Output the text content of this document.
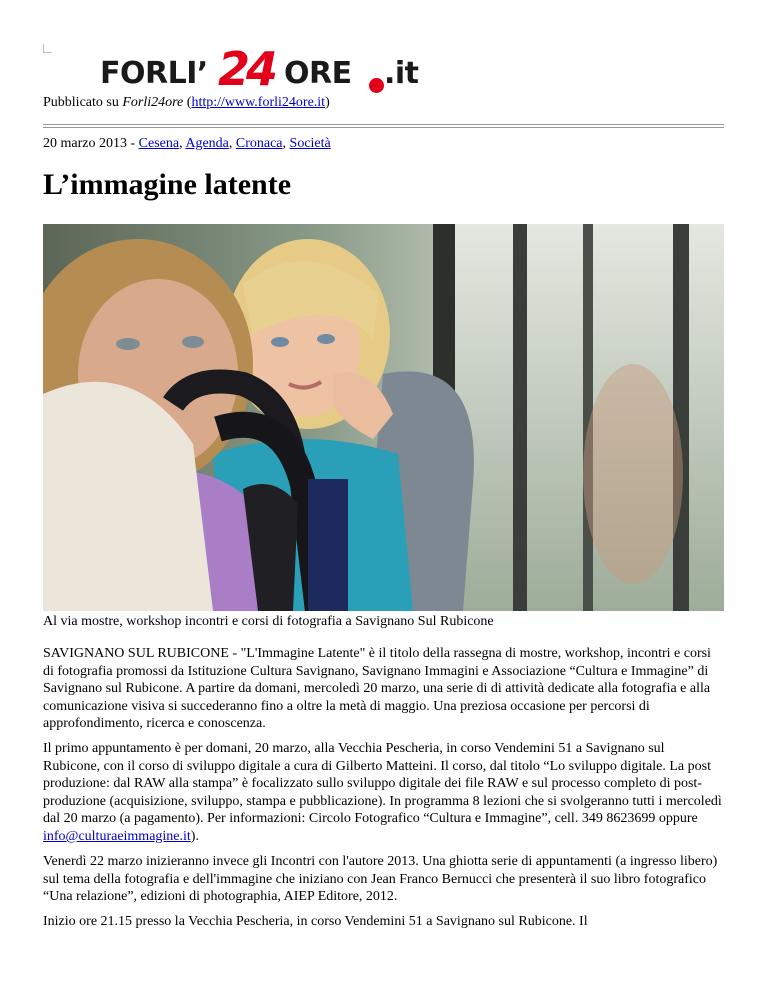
FORLI’ 24 ORE .it
Pubblicato su Forli24ore (http://www.forli24ore.it)
20 marzo 2013 - Cesena, Agenda, Cronaca, Società
L’immagine latente
Al via mostre, workshop incontri e corsi di fotografia a Savignano Sul Rubicone

SAVIGNANO SUL RUBICONE - "L'Immagine Latente" è il titolo della rassegna di mostre, workshop, incontri e corsi di fotografia promossi da Istituzione Cultura Savignano, Savignano Immagini e Associazione “Cultura e Immagine” di Savignano sul Rubicone. A partire da domani, mercoledì 20 marzo, una serie di di attività dedicate alla fotografia e alla comunicazione visiva si succederanno fino a oltre la metà di maggio. Una preziosa occasione per percorsi di approfondimento, ricerca e conoscenza.

Il primo appuntamento è per domani, 20 marzo, alla Vecchia Pescheria, in corso Vendemini 51 a Savignano sul Rubicone, con il corso di sviluppo digitale a cura di Gilberto Matteini. Il corso, dal titolo “Lo sviluppo digitale. La post produzione: dal RAW alla stampa” è focalizzato sullo sviluppo digitale dei file RAW e sul processo completo di post-produzione (acquisizione, sviluppo, stampa e pubblicazione). In programma 8 lezioni che si svolgeranno tutti i mercoledì dal 20 marzo (a pagamento). Per informazioni: Circolo Fotografico “Cultura e Immagine”, cell. 349 8623699 oppure info@culturaeimmagine.it).

Venerdì 22 marzo inizieranno invece gli Incontri con l'autore 2013. Una ghiotta serie di appuntamenti (a ingresso libero) sul tema della fotografia e dell'immagine che iniziano con Jean Franco Bernucci che presenterà il suo libro fotografico “Una relazione”, edizioni di photographia, AIEP Editore, 2012.

Inizio ore 21.15 presso la Vecchia Pescheria, in corso Vendemini 51 a Savignano sul Rubicone. Il
